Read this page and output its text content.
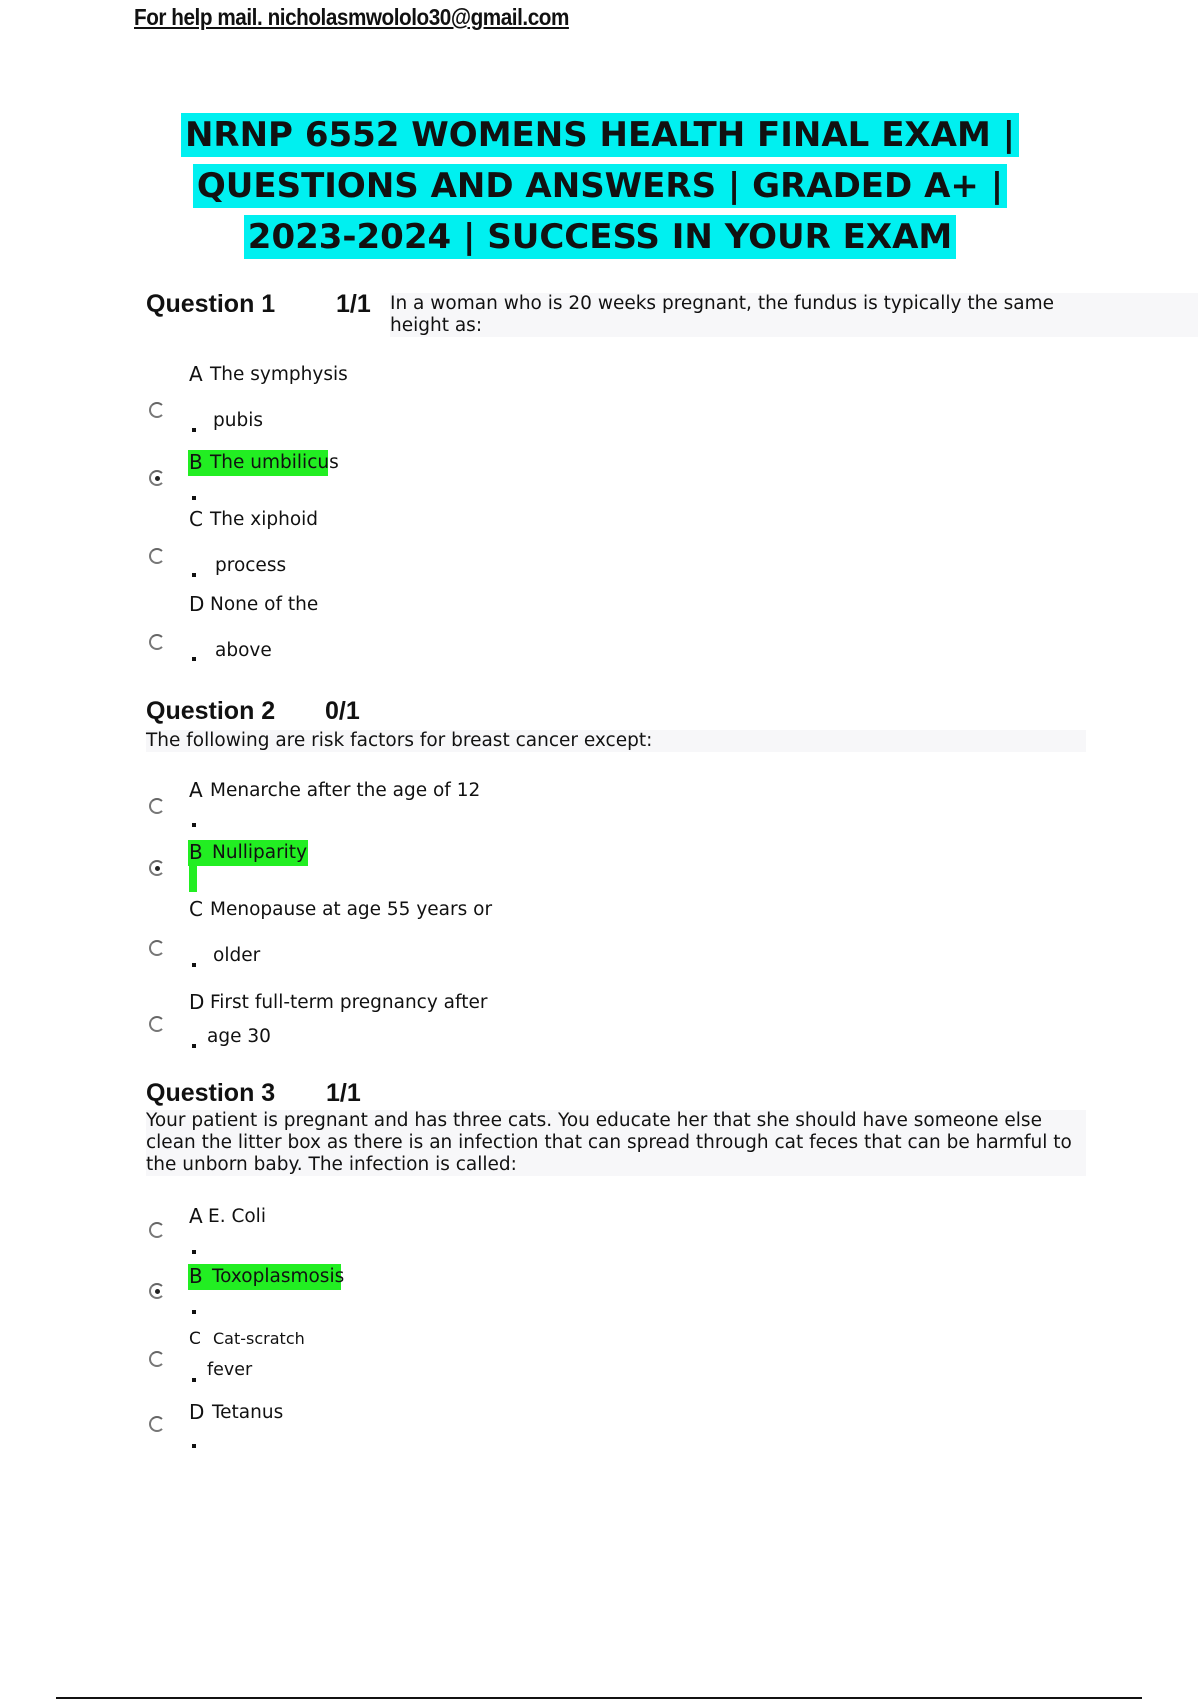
For help mail. nicholasmwololo30@gmail.com
NRNP 6552 WOMENS HEALTH FINAL EXAM |
QUESTIONS AND ANSWERS | GRADED A+ |
2023-2024 | SUCCESS IN YOUR EXAM
Question 1 1/1 In a woman who is 20 weeks pregnant, the fundus is typically the same
height as:
A The symphysis
pubis
B The umbilicus
C The xiphoid
process
D None of the
above
Question 2 0/1
The following are risk factors for breast cancer except:
A Menarche after the age of 12
B Nulliparity
C Menopause at age 55 years or
older
D First full-term pregnancy after
age 30
Question 3 1/1
Your patient is pregnant and has three cats. You educate her that she should have someone else
clean the litter box as there is an infection that can spread through cat feces that can be harmful to
the unborn baby. The infection is called:
A E. Coli
B Toxoplasmosis
C Cat-scratch
fever
D Tetanus
